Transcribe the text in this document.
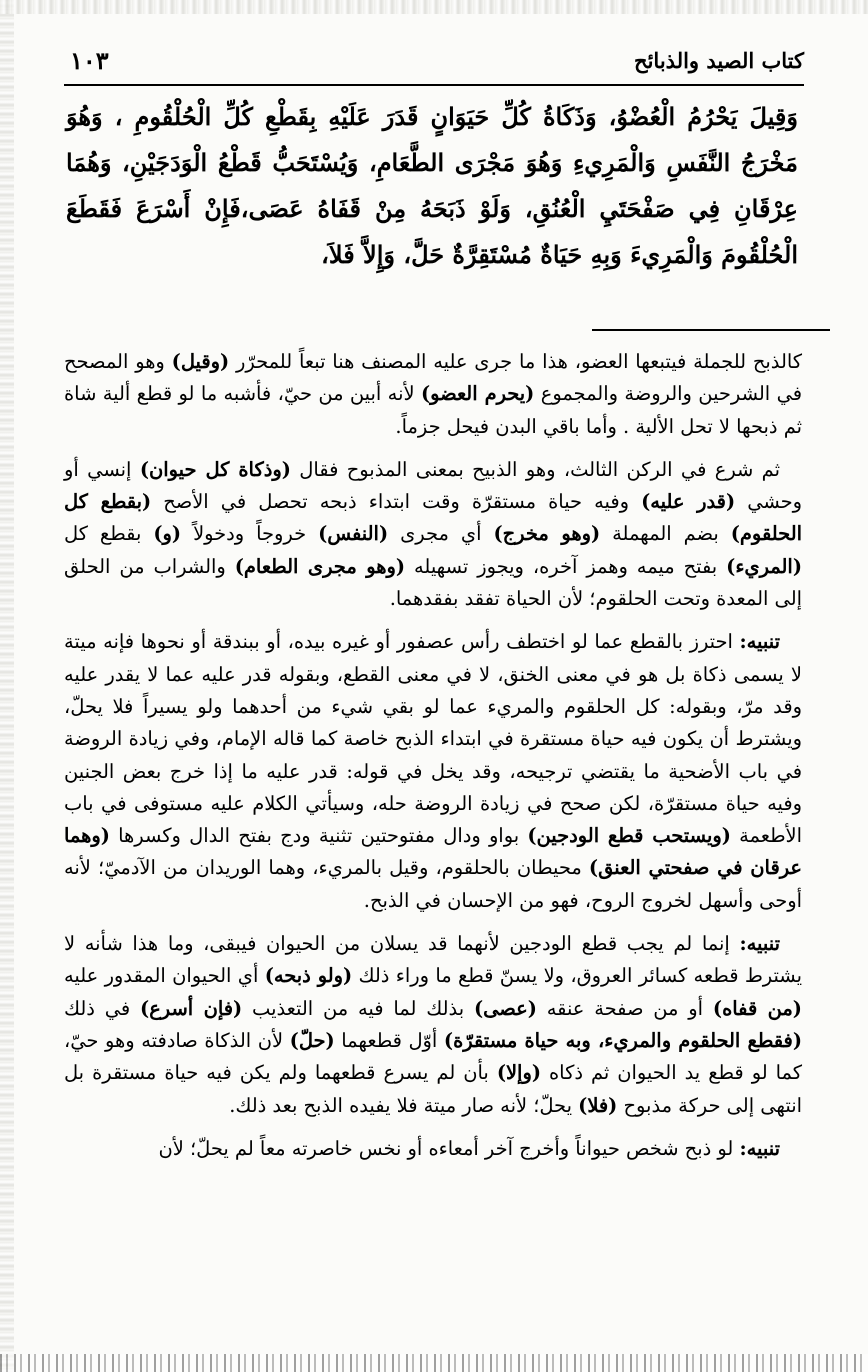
كتاب الصيد والذبائح
١٠٣

وَقِيلَ يَحْرُمُ الْعُضْوُ، وَذَكَاةُ كُلِّ حَيَوَانٍ قَدَرَ عَلَيْهِ بِقَطْعِ كُلِّ الْحُلْقُومِ ، وَهُوَ مَخْرَجُ النَّفَسِ وَالْمَرِيءِ وَهُوَ مَجْرَى الطَّعَامِ، وَيُسْتَحَبُّ قَطْعُ الْوَدَجَيْنِ، وَهُمَا عِرْقَانِ فِي صَفْحَتَيِ الْعُنُقِ، وَلَوْ ذَبَحَهُ مِنْ قَفَاهُ عَصَى،فَإِنْ أَسْرَعَ فَقَطَعَ الْحُلْقُومَ وَالْمَرِيءَ وَبِهِ حَيَاةٌ مُسْتَقِرَّةٌ حَلَّ، وَإِلاَّ فَلاَ،

كالذبح للجملة فيتبعها العضو، هذا ما جرى عليه المصنف هنا تبعاً للمحرّر (وقيل) وهو المصحح في الشرحين والروضة والمجموع (يحرم العضو) لأنه أبين من حيّ، فأشبه ما لو قطع ألية شاة ثم ذبحها لا تحل الألية . وأما باقي البدن فيحل جزماً.

ثم شرع في الركن الثالث، وهو الذبيح بمعنى المذبوح فقال (وذكاة كل حيوان) إنسي أو وحشي (قدر عليه) وفيه حياة مستقرّة وقت ابتداء ذبحه تحصل في الأصح (بقطع كل الحلقوم) بضم المهملة (وهو مخرج) أي مجرى (النفس) خروجاً ودخولاً (و) بقطع كل (المريء) بفتح ميمه وهمز آخره، ويجوز تسهيله (وهو مجرى الطعام) والشراب من الحلق إلى المعدة وتحت الحلقوم؛ لأن الحياة تفقد بفقدهما.

تنبيه: احترز بالقطع عما لو اختطف رأس عصفور أو غيره بيده، أو ببندقة أو نحوها فإنه ميتة لا يسمى ذكاة بل هو في معنى الخنق، لا في معنى القطع، وبقوله قدر عليه عما لا يقدر عليه وقد مرّ، وبقوله: كل الحلقوم والمريء عما لو بقي شيء من أحدهما ولو يسيراً فلا يحلّ، ويشترط أن يكون فيه حياة مستقرة في ابتداء الذبح خاصة كما قاله الإمام، وفي زيادة الروضة في باب الأضحية ما يقتضي ترجيحه، وقد يخل في قوله: قدر عليه ما إذا خرج بعض الجنين وفيه حياة مستقرّة، لكن صحح في زيادة الروضة حله، وسيأتي الكلام عليه مستوفى في باب الأطعمة (ويستحب قطع الودجين) بواو ودال مفتوحتين تثنية ودج بفتح الدال وكسرها (وهما عرقان في صفحتي العنق) محيطان بالحلقوم، وقيل بالمريء، وهما الوريدان من الآدميّ؛ لأنه أوحى وأسهل لخروج الروح، فهو من الإحسان في الذبح.

تنبيه: إنما لم يجب قطع الودجين لأنهما قد يسلان من الحيوان فيبقى، وما هذا شأنه لا يشترط قطعه كسائر العروق، ولا يسنّ قطع ما وراء ذلك (ولو ذبحه) أي الحيوان المقدور عليه (من قفاه) أو من صفحة عنقه (عصى) بذلك لما فيه من التعذيب (فإن أسرع) في ذلك (فقطع الحلقوم والمريء، وبه حياة مستقرّة) أوّل قطعهما (حلّ) لأن الذكاة صادفته وهو حيّ، كما لو قطع يد الحيوان ثم ذكاه (وإلا) بأن لم يسرع قطعهما ولم يكن فيه حياة مستقرة بل انتهى إلى حركة مذبوح (فلا) يحلّ؛ لأنه صار ميتة فلا يفيده الذبح بعد ذلك.

تنبيه: لو ذبح شخص حيواناً وأخرج آخر أمعاءه أو نخس خاصرته معاً لم يحلّ؛ لأن
